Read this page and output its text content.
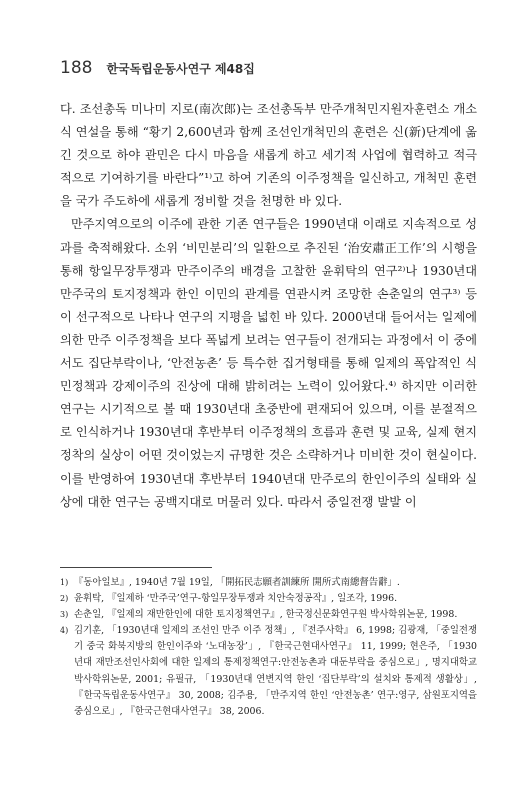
188 한국독립운동사연구 제48집

다. 조선총독 미나미 지로(南次郎)는 조선총독부 만주개척민지원자훈련소 개소식 연설을 통해 “황기 2,600년과 함께 조선인개척민의 훈련은 신(新)단계에 옮긴 것으로 하야 관민은 다시 마음을 새롭게 하고 세기적 사업에 협력하고 적극적으로 기여하기를 바란다”¹⁾고 하여 기존의 이주정책을 일신하고, 개척민 훈련을 국가 주도하에 새롭게 정비할 것을 천명한 바 있다.

만주지역으로의 이주에 관한 기존 연구들은 1990년대 이래로 지속적으로 성과를 축적해왔다. 소위 ‘비민분리’의 일환으로 추진된 ‘治安肅正工作’의 시행을 통해 항일무장투쟁과 만주이주의 배경을 고찰한 윤휘탁의 연구²⁾나 1930년대 만주국의 토지정책과 한인 이민의 관계를 연관시켜 조망한 손춘일의 연구³⁾ 등이 선구적으로 나타나 연구의 지평을 넓힌 바 있다. 2000년대 들어서는 일제에 의한 만주 이주정책을 보다 폭넓게 보려는 연구들이 전개되는 과정에서 이 중에서도 집단부락이나, ‘안전농촌’ 등 특수한 집거형태를 통해 일제의 폭압적인 식민정책과 강제이주의 진상에 대해 밝히려는 노력이 있어왔다.⁴⁾ 하지만 이러한 연구는 시기적으로 볼 때 1930년대 초중반에 편재되어 있으며, 이를 분절적으로 인식하거나 1930년대 후반부터 이주정책의 흐름과 훈련 및 교육, 실제 현지정착의 실상이 어떤 것이었는지 규명한 것은 소략하거나 미비한 것이 현실이다. 이를 반영하여 1930년대 후반부터 1940년대 만주로의 한인이주의 실태와 실상에 대한 연구는 공백지대로 머물러 있다. 따라서 중일전쟁 발발 이

1) 『동아일보』, 1940년 7월 19일, 「開拓民志願者訓練所 開所式南總督告辭」.
2) 윤휘탁, 『일제하 ‘만주국’연구-항일무장투쟁과 치안숙정공작』, 일조각, 1996.
3) 손춘일, 『일제의 재만한인에 대한 토지정책연구』, 한국정신문화연구원 박사학위논문, 1998.
4) 김기훈, 「1930년대 일제의 조선인 만주 이주 정책」, 『전주사학』 6, 1998; 김광재, 「중일전쟁기 중국 화북지방의 한인이주와 ‘노대농장’」, 『한국근현대사연구』 11, 1999; 현은주, 「1930년대 재만조선인사회에 대한 일제의 통제정책연구:안전농촌과 대둔부락을 중심으로」, 명지대학교 박사학위논문, 2001; 유필규, 「1930년대 연변지역 한인 ‘집단부락’의 설치와 통제적 생활상」, 『한국독립운동사연구』 30, 2008; 김주용, 「만주지역 한인 ‘안전농촌’ 연구:영구, 삼원포지역을 중심으로」, 『한국근현대사연구』 38, 2006.
